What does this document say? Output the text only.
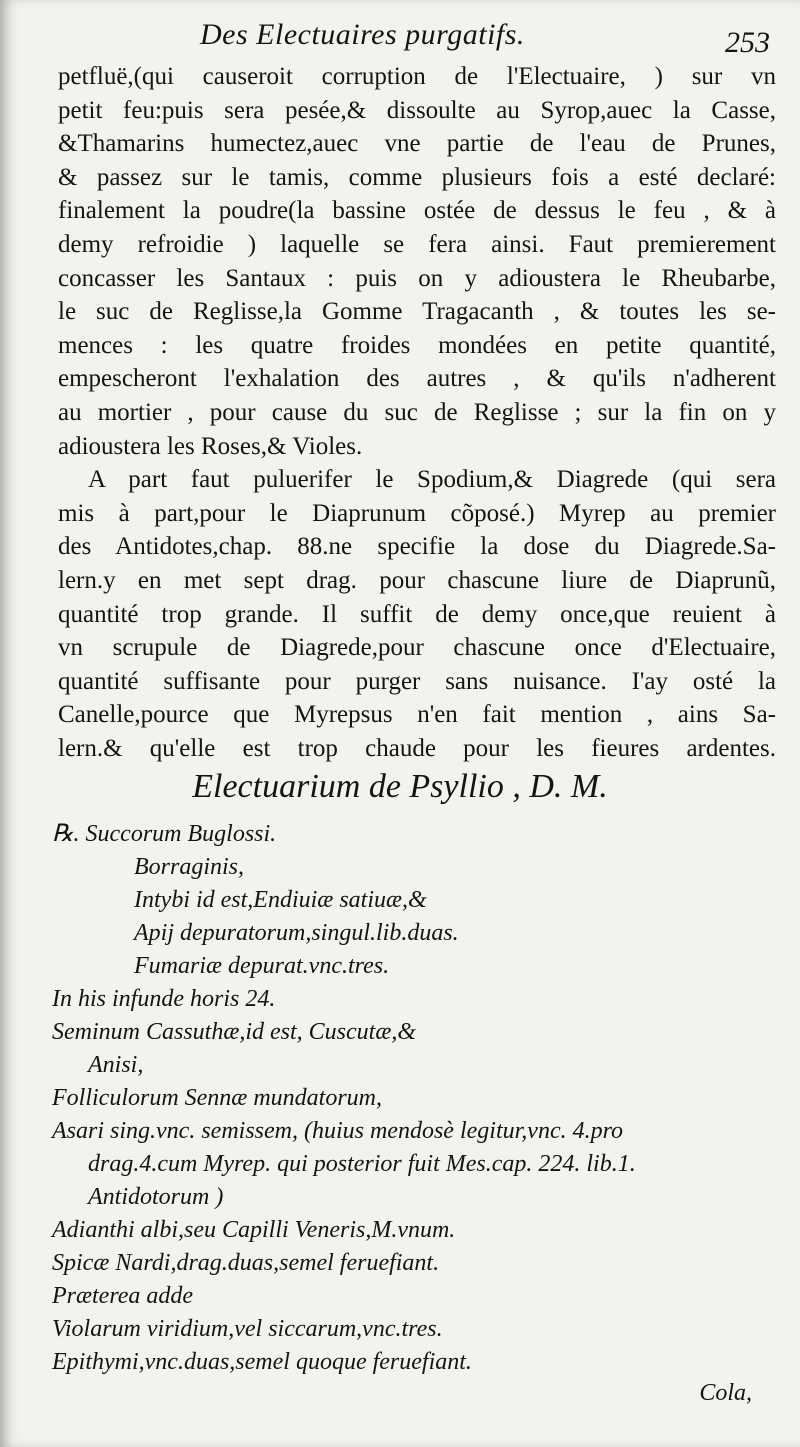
Des Electuaires purgatifs.	253
petfluë,(qui causeroit corruption de l'Electuaire, ) sur vn
petit feu:puis sera pesée,& dissoulte au Syrop,auec la Casse,
&Thamarins humectez,auec vne partie de l'eau de Prunes,
& passez sur le tamis, comme plusieurs fois a esté declaré:
finalement la poudre(la bassine ostée de dessus le feu , & à
demy refroidie ) laquelle se fera ainsi. Faut premierement
concasser les Santaux : puis on y adioustera le Rheubarbe,
le suc de Reglisse,la Gomme Tragacanth , & toutes les se-
mences : les quatre froides mondées en petite quantité,
empescheront l'exhalation des autres , & qu'ils n'adherent
au mortier , pour cause du suc de Reglisse ; sur la fin on y
adioustera les Roses,& Violes.
A part faut puluerifer le Spodium,& Diagrede (qui sera
mis à part,pour le Diaprunum cõposé.) Myrep au premier
des Antidotes,chap. 88.ne specifie la dose du Diagrede.Sa-
lern.y en met sept drag. pour chascune liure de Diaprunũ,
quantité trop grande. Il suffit de demy once,que reuient à
vn scrupule de Diagrede,pour chascune once d'Electuaire,
quantité suffisante pour purger sans nuisance. I'ay osté la
Canelle,pource que Myrepsus n'en fait mention , ains Sa-
lern.& qu'elle est trop chaude pour les fieures ardentes.
Electuarium de Psyllio , D. M.
℞. Succorum Buglossi.
Borraginis,
Intybi id est,Endiuiæ satiuæ,&
Apij depuratorum,singul.lib.duas.
Fumariæ depurat.vnc.tres.
In his infunde horis 24.
Seminum Cassuthæ,id est, Cuscutæ,&
Anisi,
Folliculorum Sennæ mundatorum,
Asari sing.vnc. semissem, (huius mendosè legitur,vnc. 4.pro
drag.4.cum Myrep. qui posterior fuit Mes.cap. 224. lib.1.
Antidotorum )
Adianthi albi,seu Capilli Veneris,M.vnum.
Spicæ Nardi,drag.duas,semel feruefiant.
Præterea adde
Violarum viridium,vel siccarum,vnc.tres.
Epithymi,vnc.duas,semel quoque feruefiant.
Cola,
